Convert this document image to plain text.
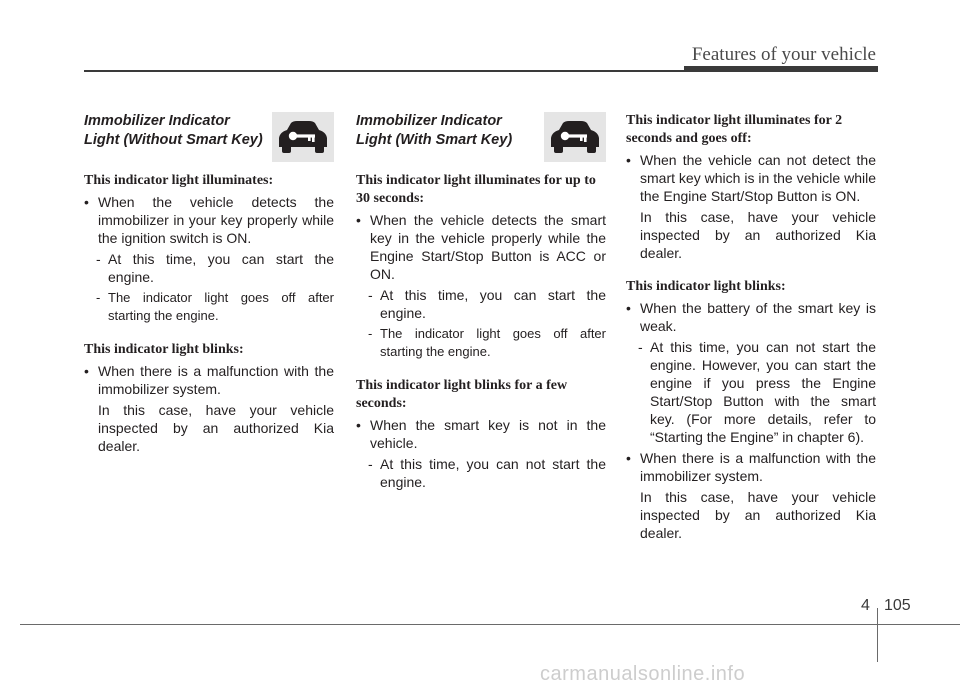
Features of your vehicle
Immobilizer Indicator
Light (Without Smart Key)
This indicator light illuminates:
• When the vehicle detects the immobilizer in your key properly while the ignition switch is ON.
- At this time, you can start the engine.
- The indicator light goes off after starting the engine.
This indicator light blinks:
• When there is a malfunction with the immobilizer system.
In this case, have your vehicle inspected by an authorized Kia dealer.
Immobilizer Indicator
Light (With Smart Key)
This indicator light illuminates for up to 30 seconds:
• When the vehicle detects the smart key in the vehicle properly while the Engine Start/Stop Button is ACC or ON.
- At this time, you can start the engine.
- The indicator light goes off after starting the engine.
This indicator light blinks for a few seconds:
• When the smart key is not in the vehicle.
- At this time, you can not start the engine.
This indicator light illuminates for 2 seconds and goes off:
• When the vehicle can not detect the smart key which is in the vehicle while the Engine Start/Stop Button is ON.
In this case, have your vehicle inspected by an authorized Kia dealer.
This indicator light blinks:
• When the battery of the smart key is weak.
- At this time, you can not start the engine. However, you can start the engine if you press the Engine Start/Stop Button with the smart key. (For more details, refer to “Starting the Engine” in chapter 6).
• When there is a malfunction with the immobilizer system.
In this case, have your vehicle inspected by an authorized Kia dealer.
4 105
carmanualsonline.info
